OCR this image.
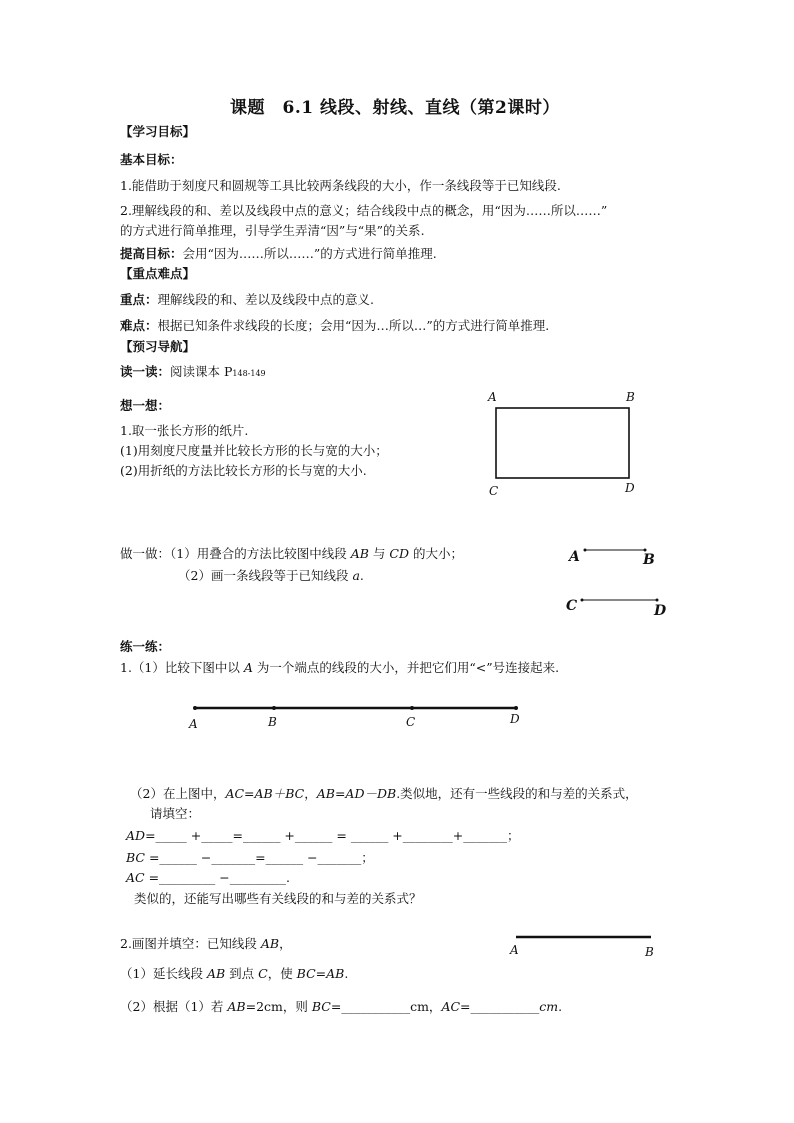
课题　6.1 线段、射线、直线（第2课时）
【学习目标】
基本目标：
1.能借助于刻度尺和圆规等工具比较两条线段的大小，作一条线段等于已知线段.
2.理解线段的和、差以及线段中点的意义；结合线段中点的概念，用“因为……所以……”
的方式进行简单推理，引导学生弄清“因”与“果”的关系.
提高目标：会用“因为……所以……”的方式进行简单推理.
【重点难点】
重点：理解线段的和、差以及线段中点的意义.
难点：根据已知条件求线段的长度；会用“因为…所以…”的方式进行简单推理.
【预习导航】
读一读：阅读课本 P148-149
想一想：
1.取一张长方形的纸片.
(1)用刻度尺度量并比较长方形的长与宽的大小；
(2)用折纸的方法比较长方形的长与宽的大小.
A	B
C	D
做一做：（1）用叠合的方法比较图中线段 AB 与 CD 的大小；
（2）画一条线段等于已知线段 a.
A	B
C	D
练一练：
1.（1）比较下图中以 A 为一个端点的线段的大小，并把它们用“<”号连接起来.
A	B	C	D
（2）在上图中，AC=AB＋BC，AB=AD－DB.类似地，还有一些线段的和与差的关系式，
请填空：
AD=_____ +_____=______ +______ = ______ +________+_______；
BC =______ −_______=______ −_______；
AC =_________ −_________.
类似的，还能写出哪些有关线段的和与差的关系式？
2.画图并填空：已知线段 AB，	A	B
（1）延长线段 AB 到点 C，使 BC=AB.
（2）根据（1）若 AB=2cm，则 BC=___________cm，AC=___________cm.
